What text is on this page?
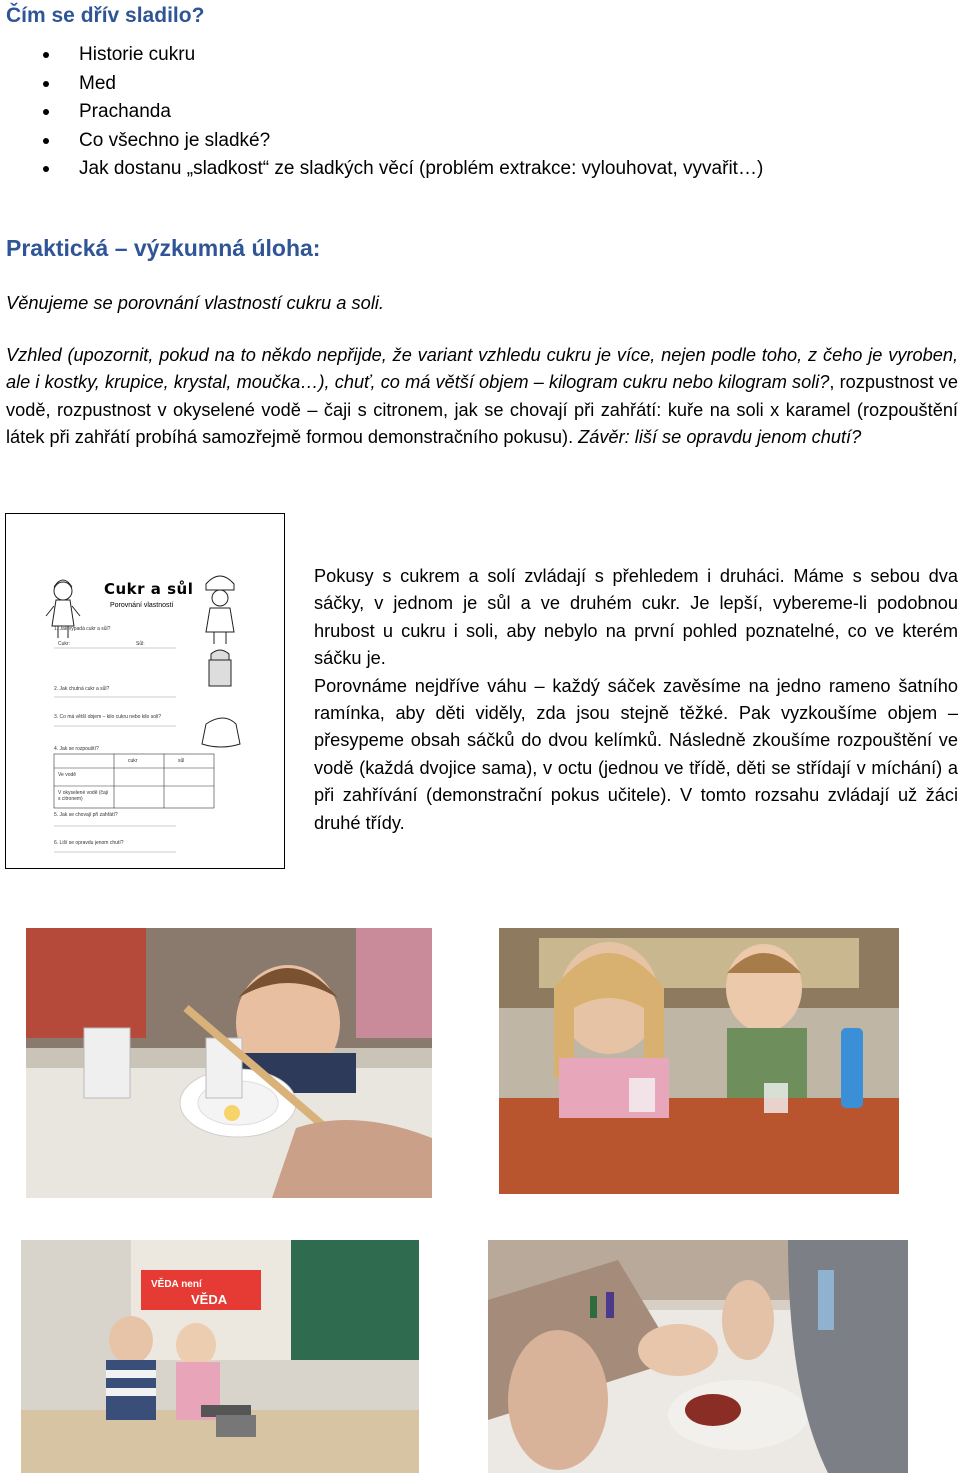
Čím se dřív sladilo?
Historie cukru
Med
Prachanda
Co všechno je sladké?
Jak dostanu „sladkost“ ze sladkých věcí (problém extrakce: vylouhovat, vyvařit…)
Praktická – výzkumná úloha:
Věnujeme se porovnání vlastností cukru a soli.

Vzhled (upozornit, pokud na to někdo nepřijde, že variant vzhledu cukru je více, nejen podle toho, z čeho je vyroben, ale i kostky, krupice, krystal, moučka…), chuť, co má větší objem – kilogram cukru nebo kilogram soli?, rozpustnost ve vodě, rozpustnost v okyselené vodě – čaji s citronem, jak se chovají při zahřátí: kuře na soli x karamel (rozpouštění látek při zahřátí probíhá samozřejmě formou demonstračního pokusu). Závěr: liší se opravdu jenom chutí?

Cukr a sůl
Porovnání vlastností
1. Jak vypadá cukr a sůl?
Cukr:	Sůl:
2. Jak chutná cukr a sůl?
3. Co má větší objem – kilo cukru nebo kilo soli?
4. Jak se rozpouští?
cukr	sůl
Ve vodě
V okyselené vodě (čaji s citronem)
5. Jak se chovají při zahřátí?
6. Liší se opravdu jenom chutí?

Pokusy s cukrem a solí zvládají s přehledem i druháci. Máme s sebou dva sáčky, v jednom je sůl a ve druhém cukr. Je lepší, vybereme-li podobnou hrubost u cukru i soli, aby nebylo na první pohled poznatelné, co ve kterém sáčku je.

Porovnáme nejdříve váhu – každý sáček zavěsíme na jedno rameno šatního ramínka, aby děti viděly, zda jsou stejně těžké. Pak vyzkoušíme objem – přesypeme obsah sáčků do dvou kelímků. Následně zkoušíme rozpouštění ve vodě (každá dvojice sama), v octu (jednou ve třídě, děti se střídají v míchání) a při zahřívání (demonstrační pokus učitele). V tomto rozsahu zvládají už žáci druhé třídy.

VĚDA není
VĚDA
